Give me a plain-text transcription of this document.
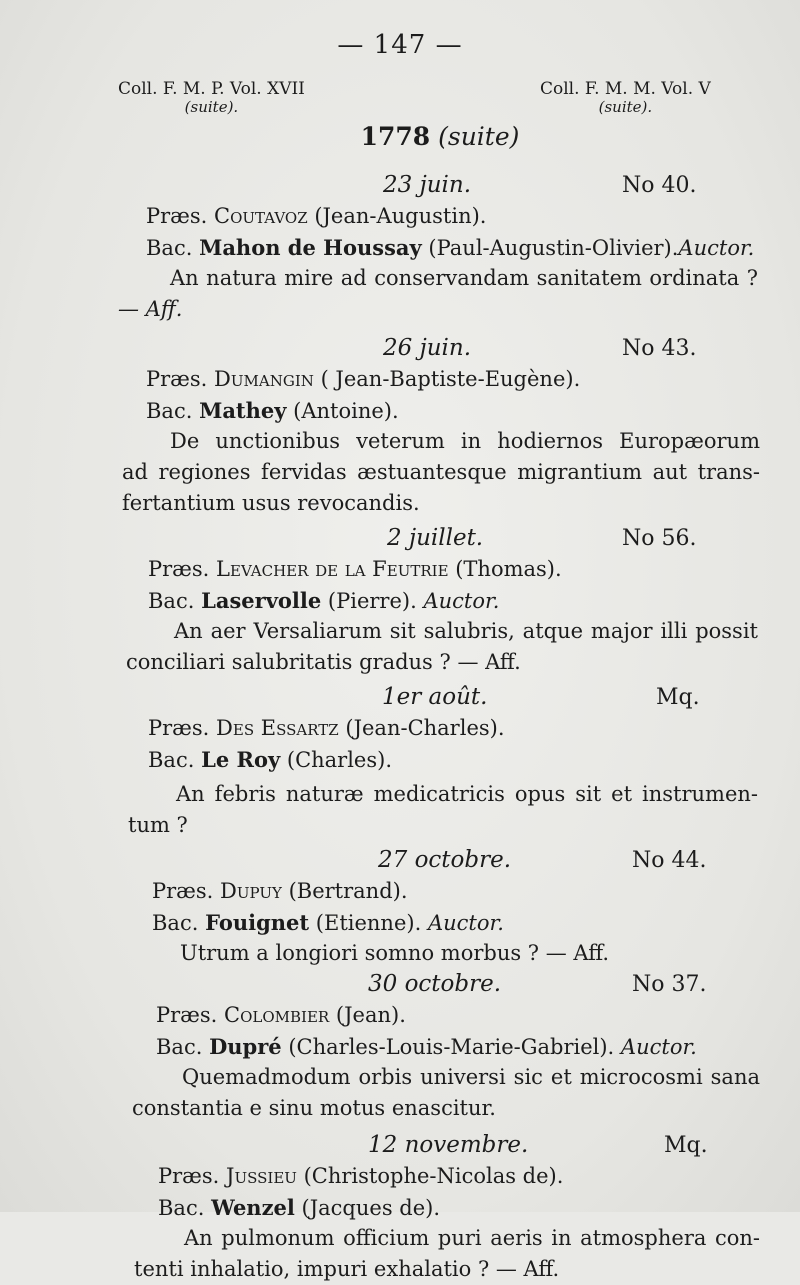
— 147 —
Coll. F. M. P. Vol. XVII
(suite).
Coll. F. M. M. Vol. V
(suite).
1778 (suite)
23 juin.	No 40.
Præs. Coutavoz (Jean-Augustin).
Bac. Mahon de Houssay (Paul-Augustin-Olivier).Auctor.
An natura mire ad conservandam sanitatem ordinata ?
— Aff.
26 juin.	No 43.
Præs. Dumangin ( Jean-Baptiste-Eugène).
Bac. Mathey (Antoine).
De unctionibus veterum in hodiernos Europæorum
ad regiones fervidas æstuantesque migrantium aut trans-
fertantium usus revocandis.
2 juillet.	No 56.
Præs. Levacher de la Feutrie (Thomas).
Bac. Laservolle (Pierre). Auctor.
An aer Versaliarum sit salubris, atque major illi possit
conciliari salubritatis gradus ? — Aff.
1er août.	Mq.
Præs. Des Essartz (Jean-Charles).
Bac. Le Roy (Charles).
An febris naturæ medicatricis opus sit et instrumen-
tum ?
27 octobre.	No 44.
Præs. Dupuy (Bertrand).
Bac. Fouignet (Etienne). Auctor.
Utrum a longiori somno morbus ? — Aff.
30 octobre.	No 37.
Præs. Colombier (Jean).
Bac. Dupré (Charles-Louis-Marie-Gabriel). Auctor.
Quemadmodum orbis universi sic et microcosmi sana
constantia e sinu motus enascitur.
12 novembre.	Mq.
Præs. Jussieu (Christophe-Nicolas de).
Bac. Wenzel (Jacques de).
An pulmonum officium puri aeris in atmosphera con-
tenti inhalatio, impuri exhalatio ? — Aff.
